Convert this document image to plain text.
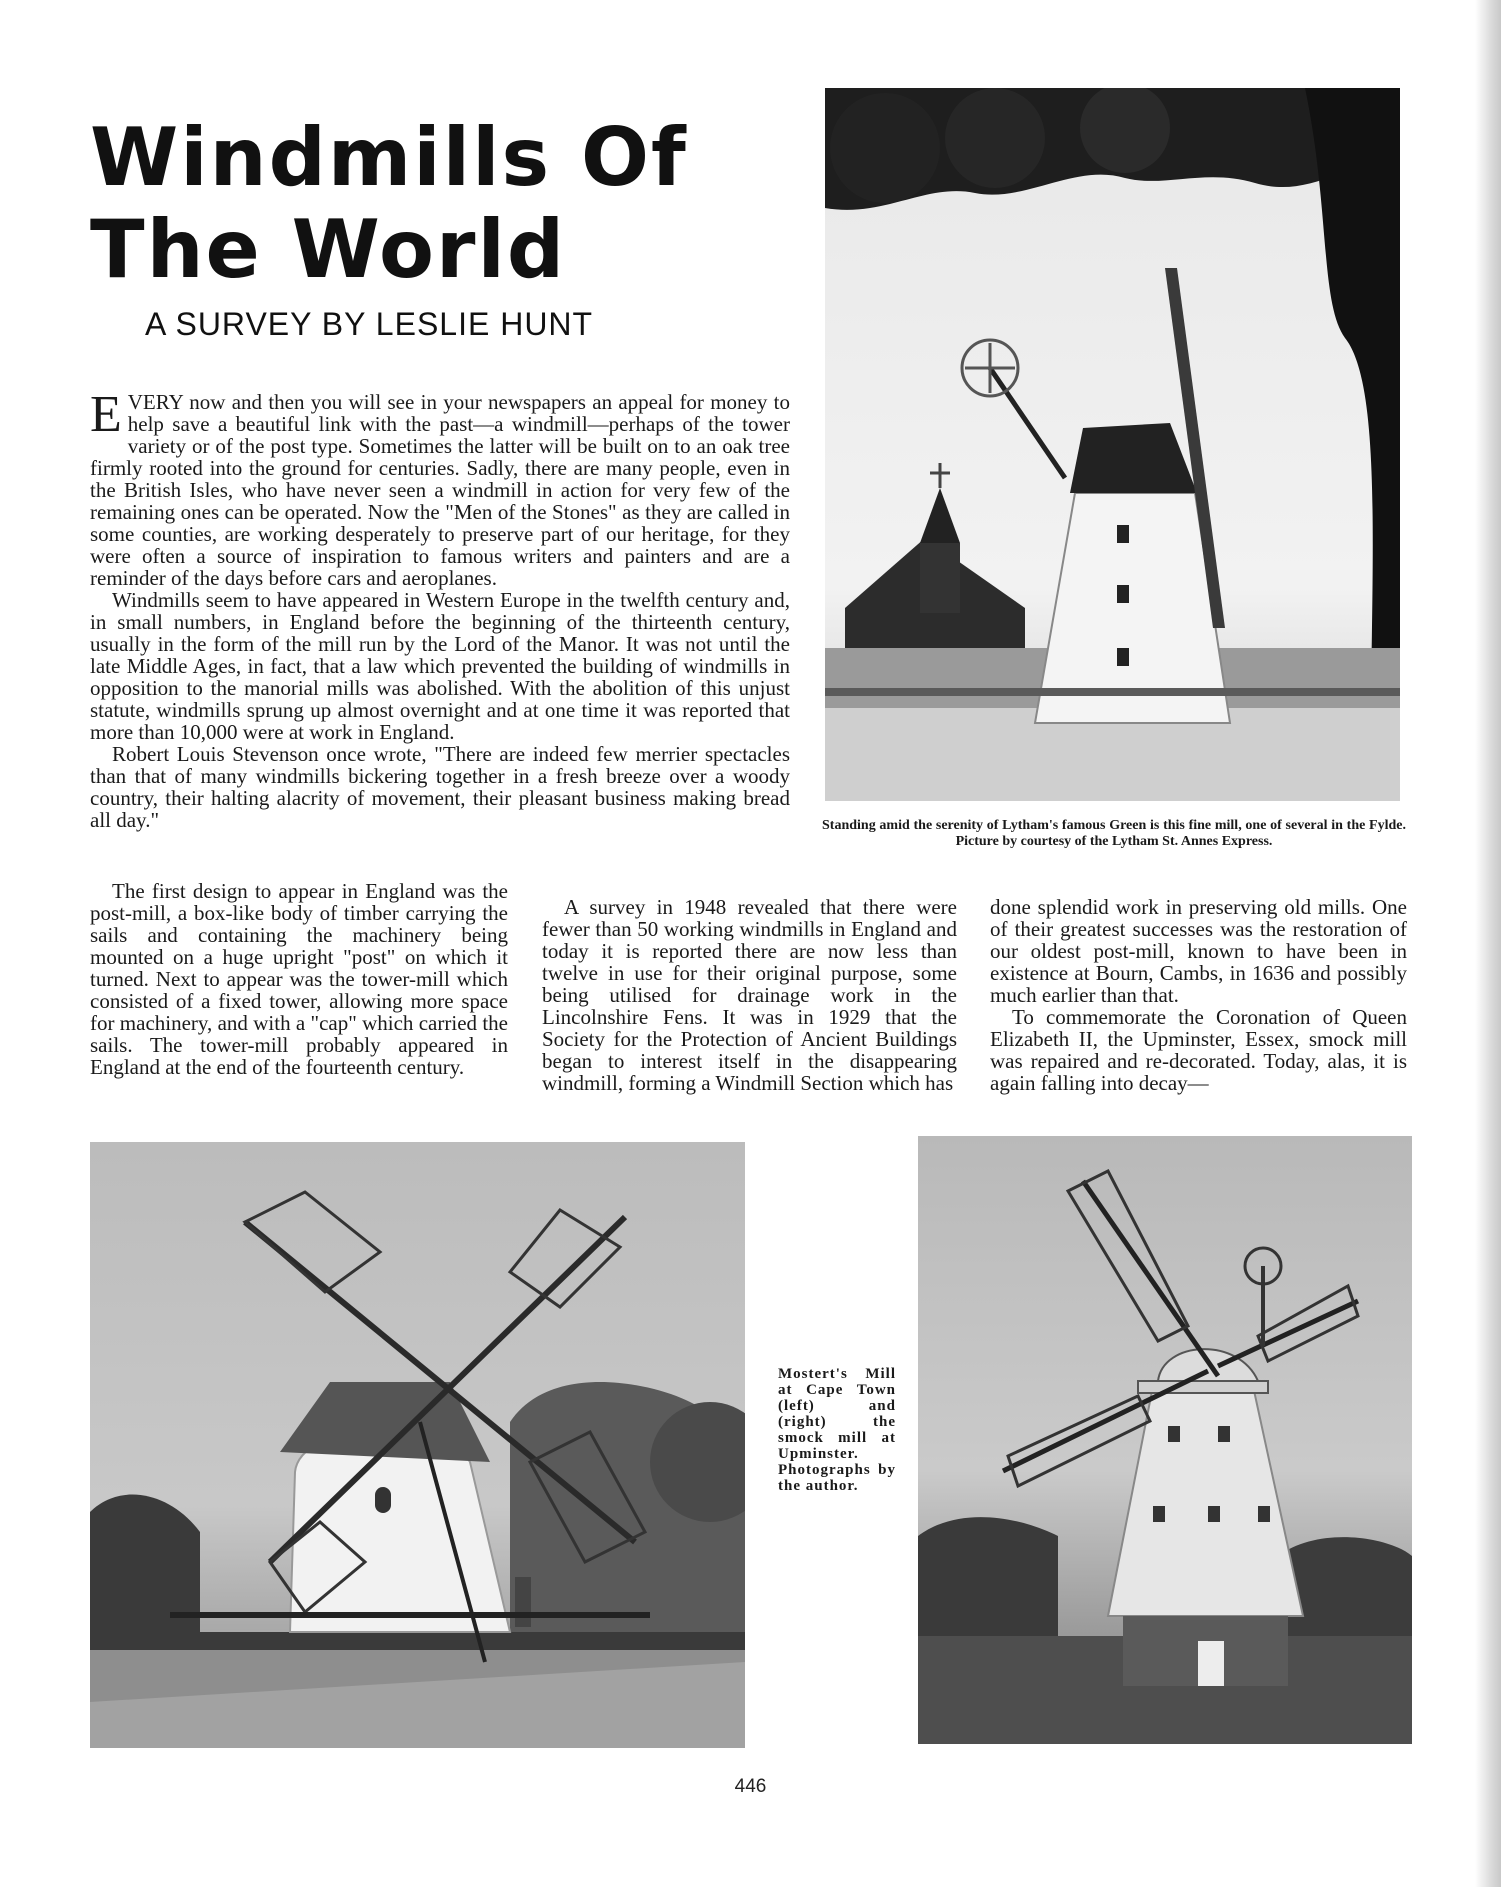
Windmills Of The World
A SURVEY BY LESLIE HUNT

EVERY now and then you will see in your newspapers an appeal for money to help save a beautiful link with the past—a windmill—perhaps of the tower variety or of the post type. Sometimes the latter will be built on to an oak tree firmly rooted into the ground for centuries. Sadly, there are many people, even in the British Isles, who have never seen a windmill in action for very few of the remaining ones can be operated. Now the "Men of the Stones" as they are called in some counties, are working desperately to preserve part of our heritage, for they were often a source of inspiration to famous writers and painters and are a reminder of the days before cars and aeroplanes.

Windmills seem to have appeared in Western Europe in the twelfth century and, in small numbers, in England before the beginning of the thirteenth century, usually in the form of the mill run by the Lord of the Manor. It was not until the late Middle Ages, in fact, that a law which prevented the building of windmills in opposition to the manorial mills was abolished. With the abolition of this unjust statute, windmills sprung up almost overnight and at one time it was reported that more than 10,000 were at work in England.

Robert Louis Stevenson once wrote, "There are indeed few merrier spectacles than that of many windmills bickering together in a fresh breeze over a woody country, their halting alacrity of movement, their pleasant business making bread all day."

The first design to appear in England was the post-mill, a box-like body of timber carrying the sails and containing the machinery being mounted on a huge upright "post" on which it turned. Next to appear was the tower-mill which consisted of a fixed tower, allowing more space for machinery, and with a "cap" which carried the sails. The tower-mill probably appeared in England at the end of the fourteenth century.

A survey in 1948 revealed that there were fewer than 50 working windmills in England and today it is reported there are now less than twelve in use for their original purpose, some being utilised for drainage work in the Lincolnshire Fens. It was in 1929 that the Society for the Protection of Ancient Buildings began to interest itself in the disappearing windmill, forming a Windmill Section which has

done splendid work in preserving old mills. One of their greatest successes was the restoration of our oldest post-mill, known to have been in existence at Bourn, Cambs, in 1636 and possibly much earlier than that.

To commemorate the Coronation of Queen Elizabeth II, the Upminster, Essex, smock mill was repaired and re-decorated. Today, alas, it is again falling into decay—

Standing amid the serenity of Lytham's famous Green is this fine mill, one of several in the Fylde. Picture by courtesy of the Lytham St. Annes Express.

Mostert's Mill at Cape Town (left) and (right) the smock mill at Upminster. Photographs by the author.

446
